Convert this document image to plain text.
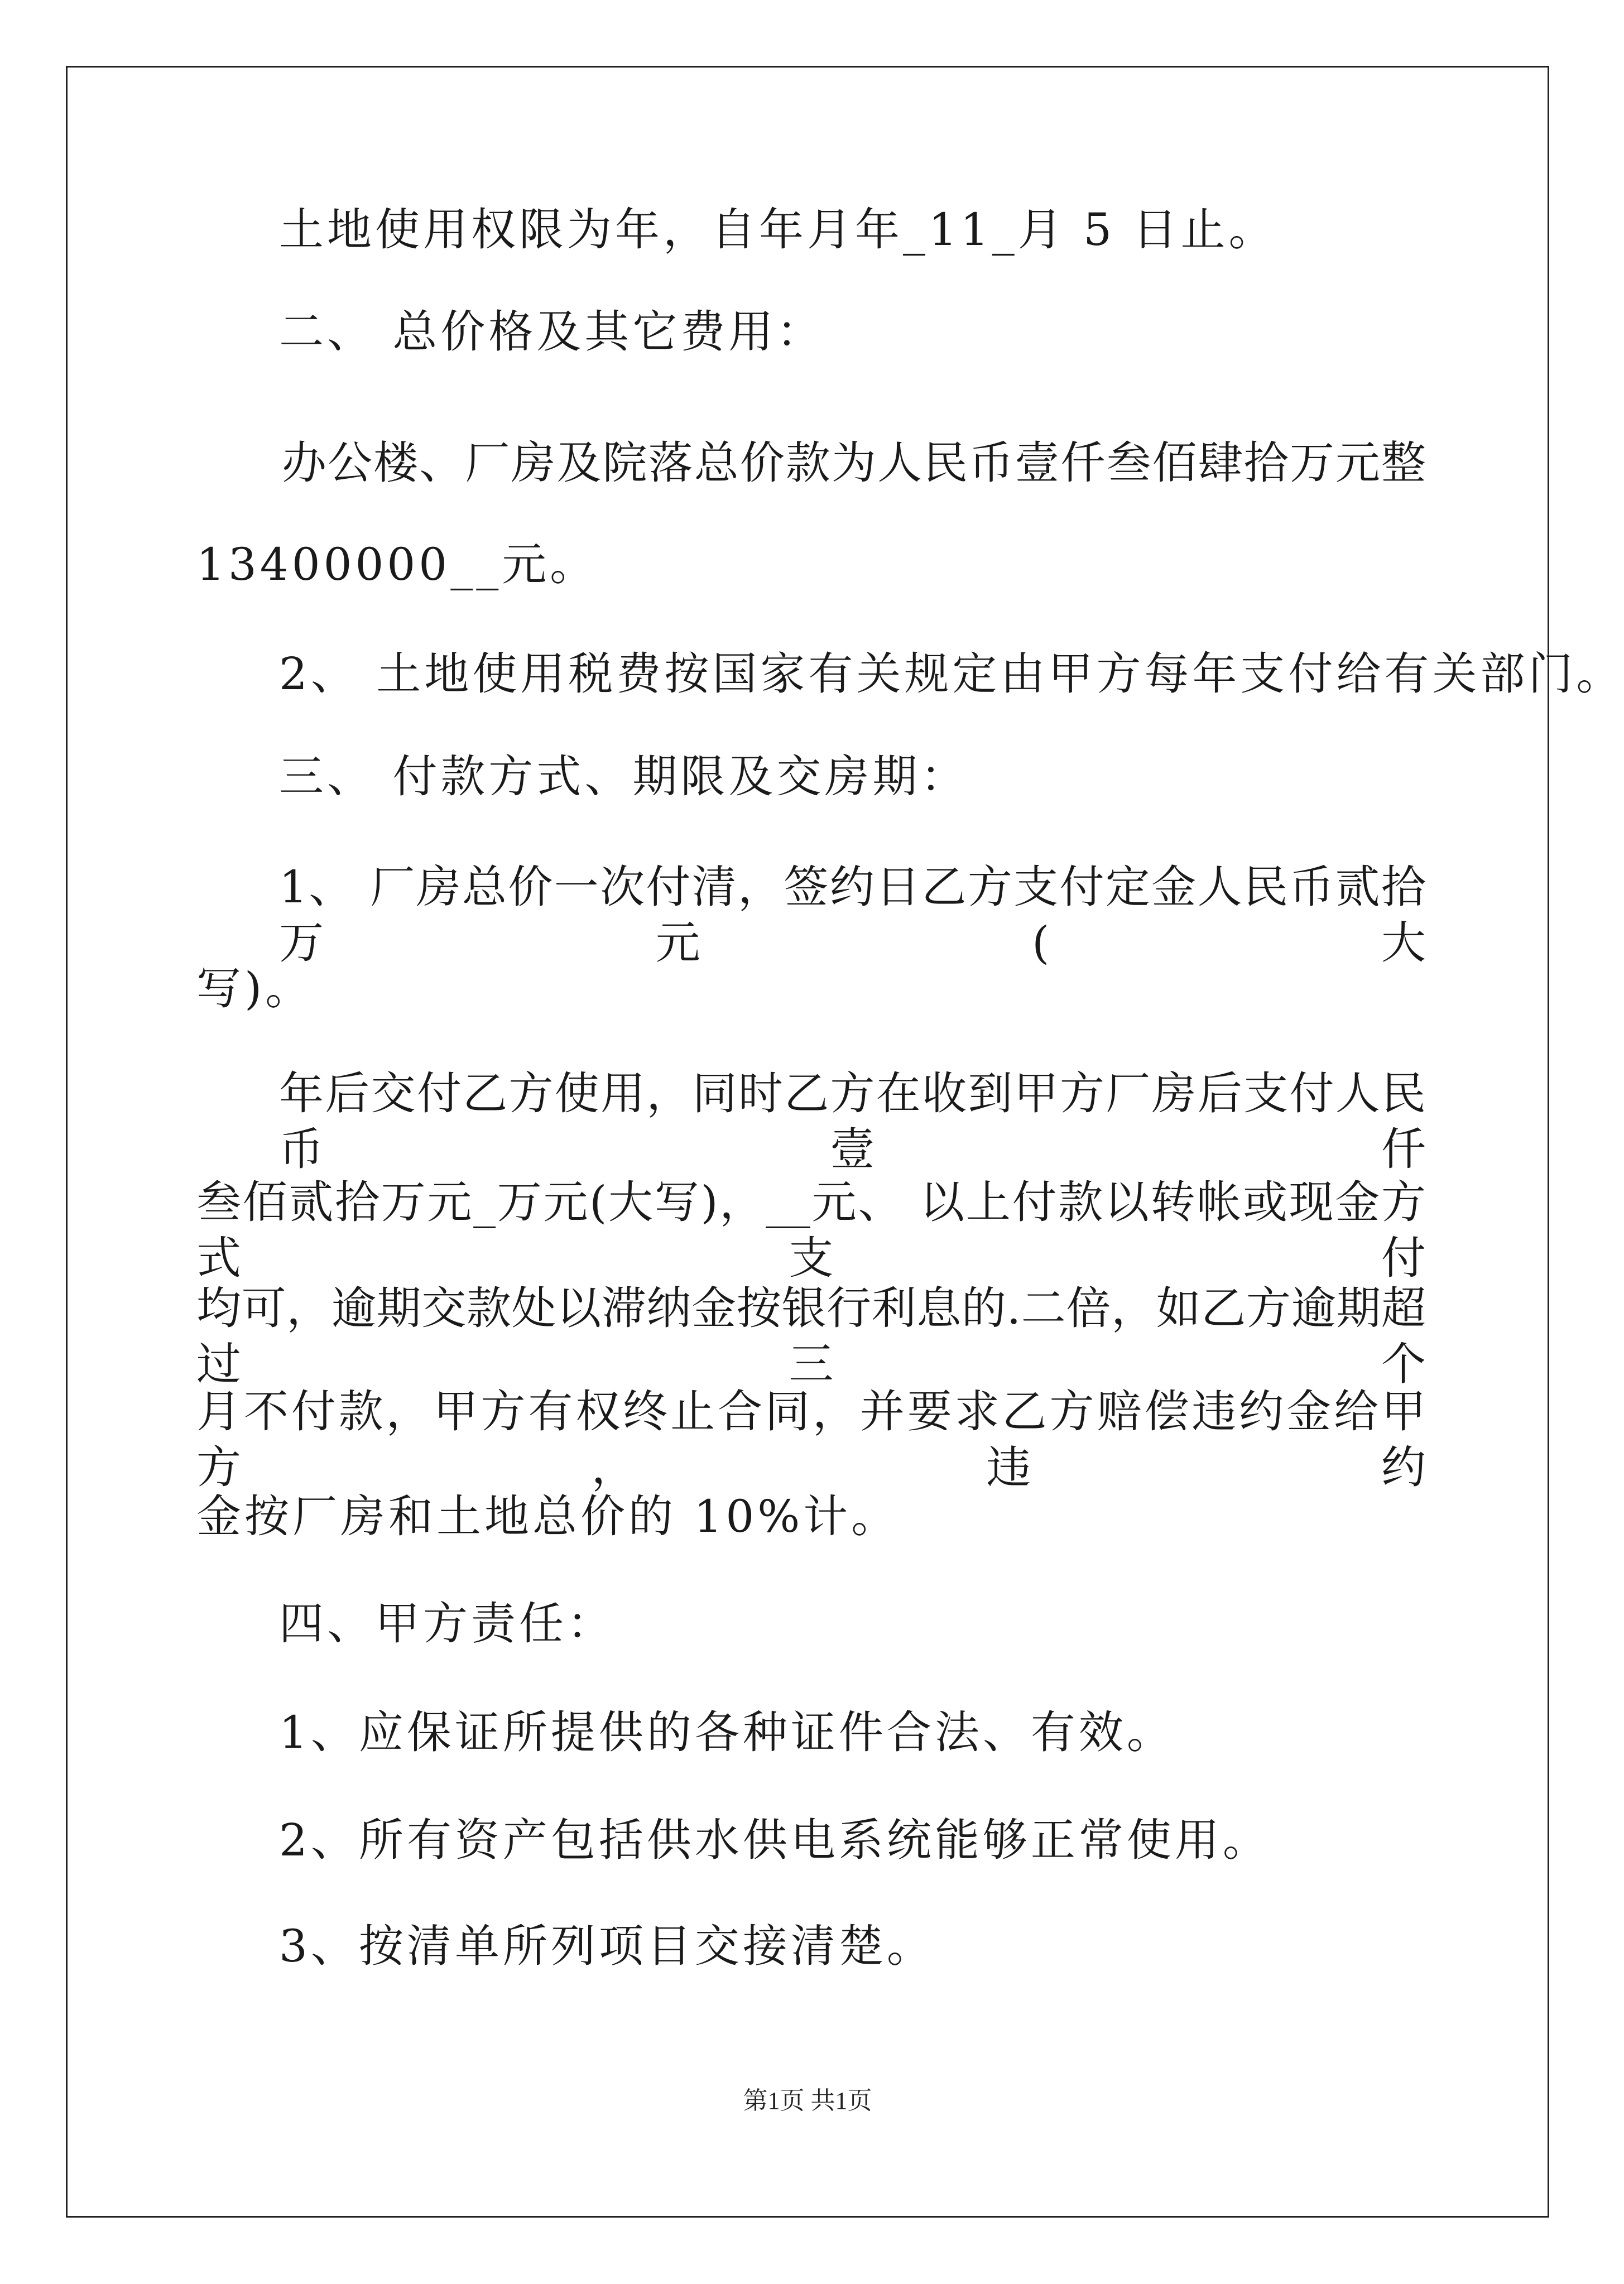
土地使用权限为年，自年月年_11_月 5 日止。
二、 总价格及其它费用：
办公楼、厂房及院落总价款为人民币壹仟叁佰肆拾万元整
13400000__元。
2、 土地使用税费按国家有关规定由甲方每年支付给有关部门。
三、 付款方式、期限及交房期：
1、 厂房总价一次付清，签约日乙方支付定金人民币贰拾万元(大
写)。
年后交付乙方使用，同时乙方在收到甲方厂房后支付人民币壹仟
叁佰贰拾万元_万元(大写)，__元、 以上付款以转帐或现金方式支付
均可，逾期交款处以滞纳金按银行利息的.二倍，如乙方逾期超过三个
月不付款，甲方有权终止合同，并要求乙方赔偿违约金给甲方，违约
金按厂房和土地总价的 10%计。
四、甲方责任：
1、应保证所提供的各种证件合法、有效。
2、所有资产包括供水供电系统能够正常使用。
3、按清单所列项目交接清楚。
第1页 共1页
